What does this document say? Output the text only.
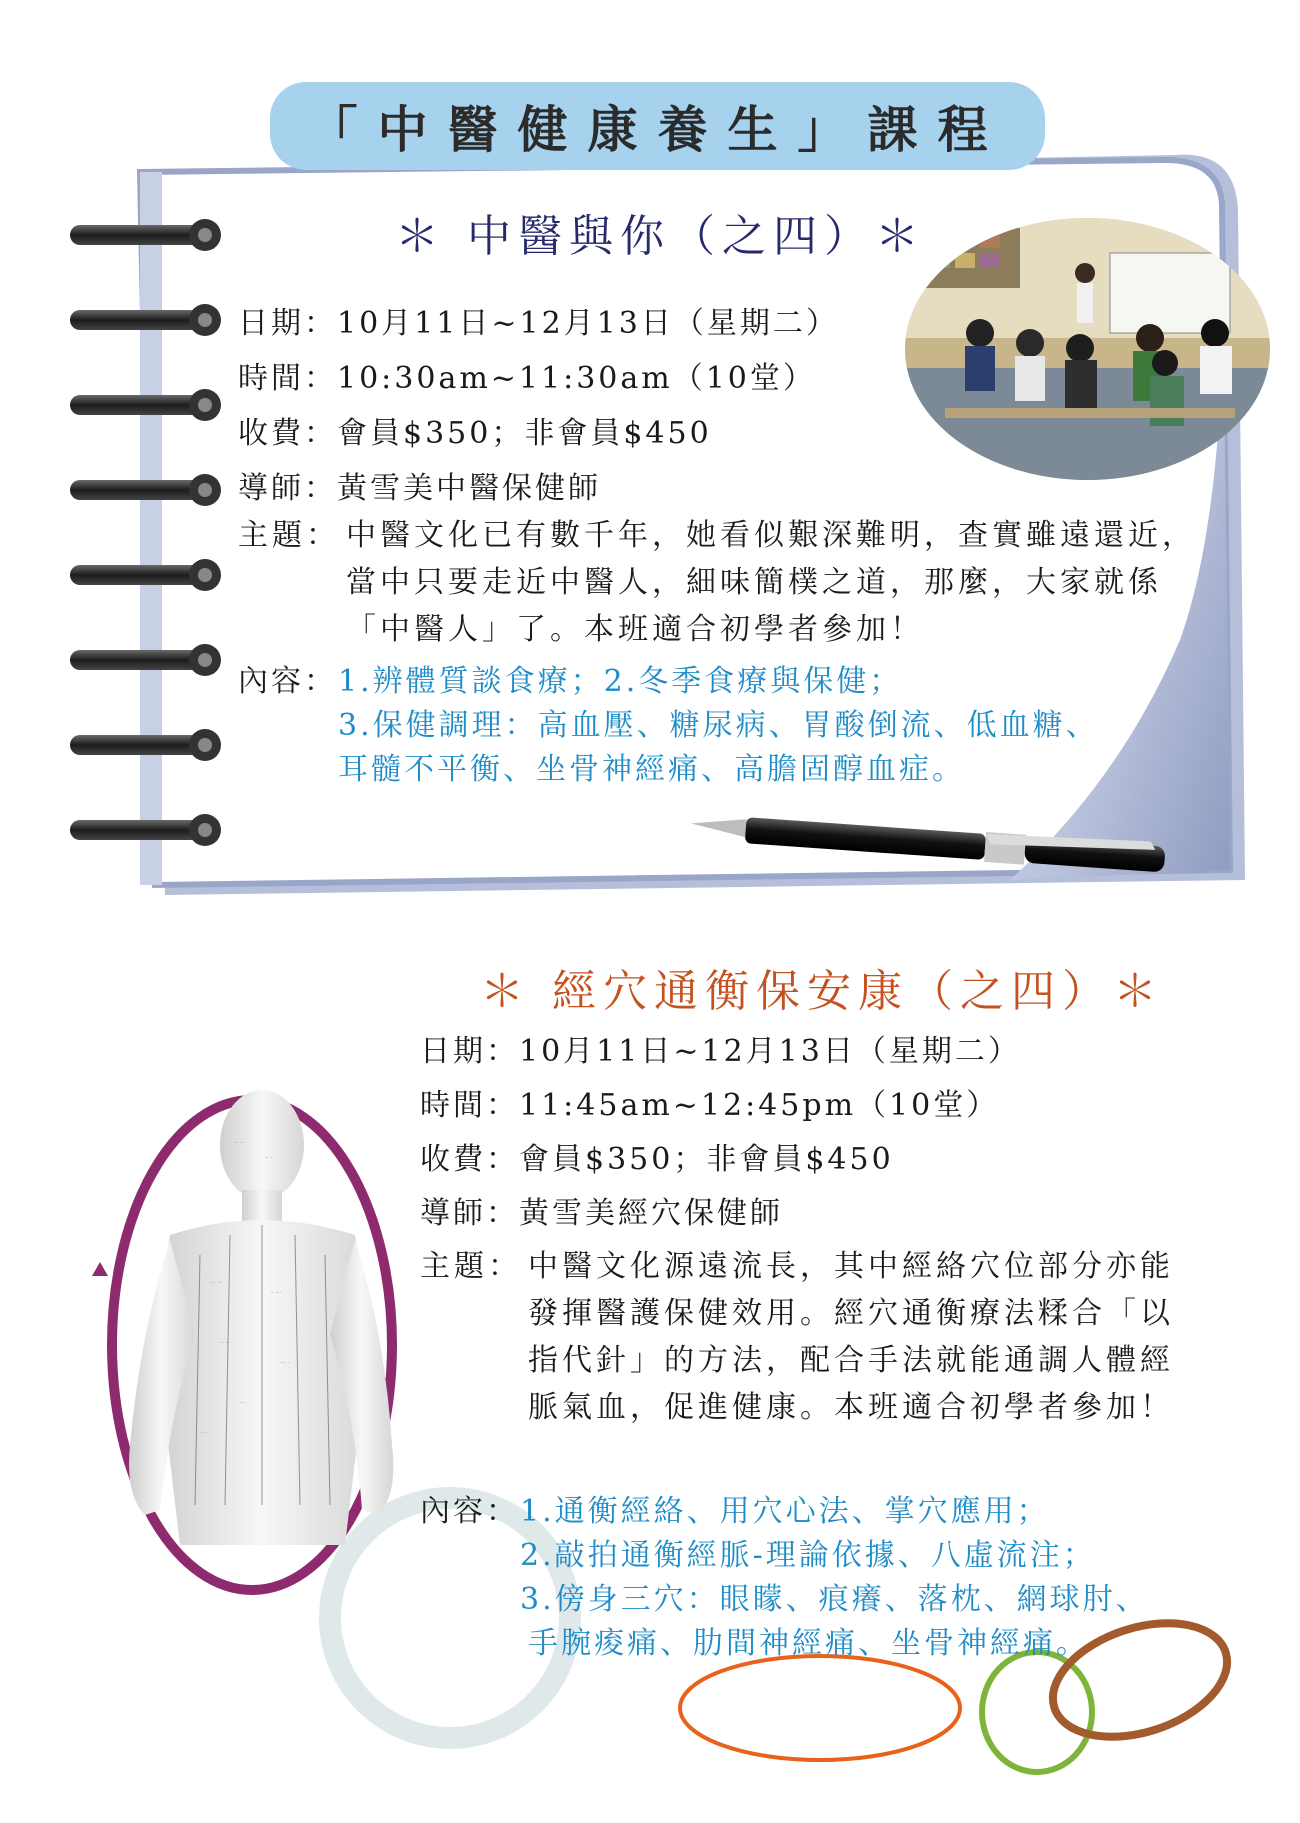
「中醫健康養生」課程
＊ 中醫與你（之四）＊
日期：10月11日~12月13日（星期二）
時間：10:30am~11:30am（10堂）
收費：會員$350；非會員$450
導師：黃雪美中醫保健師
主題： 中醫文化已有數千年，她看似艱深難明，查實雖遠還近，當中只要走近中醫人，細味簡樸之道，那麼，大家就係「中醫人」了。本班適合初學者參加！
內容： 1.辨體質談食療；2.冬季食療與保健；
3.保健調理：高血壓、糖尿病、胃酸倒流、低血糖、
耳髓不平衡、坐骨神經痛、高膽固醇血症。
＊ 經穴通衡保安康（之四）＊
·· ··
·· ·
··· ··
·· ···
·· ··
··· ·
···
·· ·
日期：10月11日~12月13日（星期二）
時間：11:45am~12:45pm（10堂）
收費：會員$350；非會員$450
導師：黃雪美經穴保健師
主題： 中醫文化源遠流長，其中經絡穴位部分亦能發揮醫護保健效用。經穴通衡療法糅合「以指代針」的方法，配合手法就能通調人體經脈氣血，促進健康。本班適合初學者參加！
內容： 1.通衡經絡、用穴心法、掌穴應用；
2.敲拍通衡經脈-理論依據、八虛流注；
3.傍身三穴：眼矇、痕癢、落枕、網球肘、
手腕痠痛、肋間神經痛、坐骨神經痛。
